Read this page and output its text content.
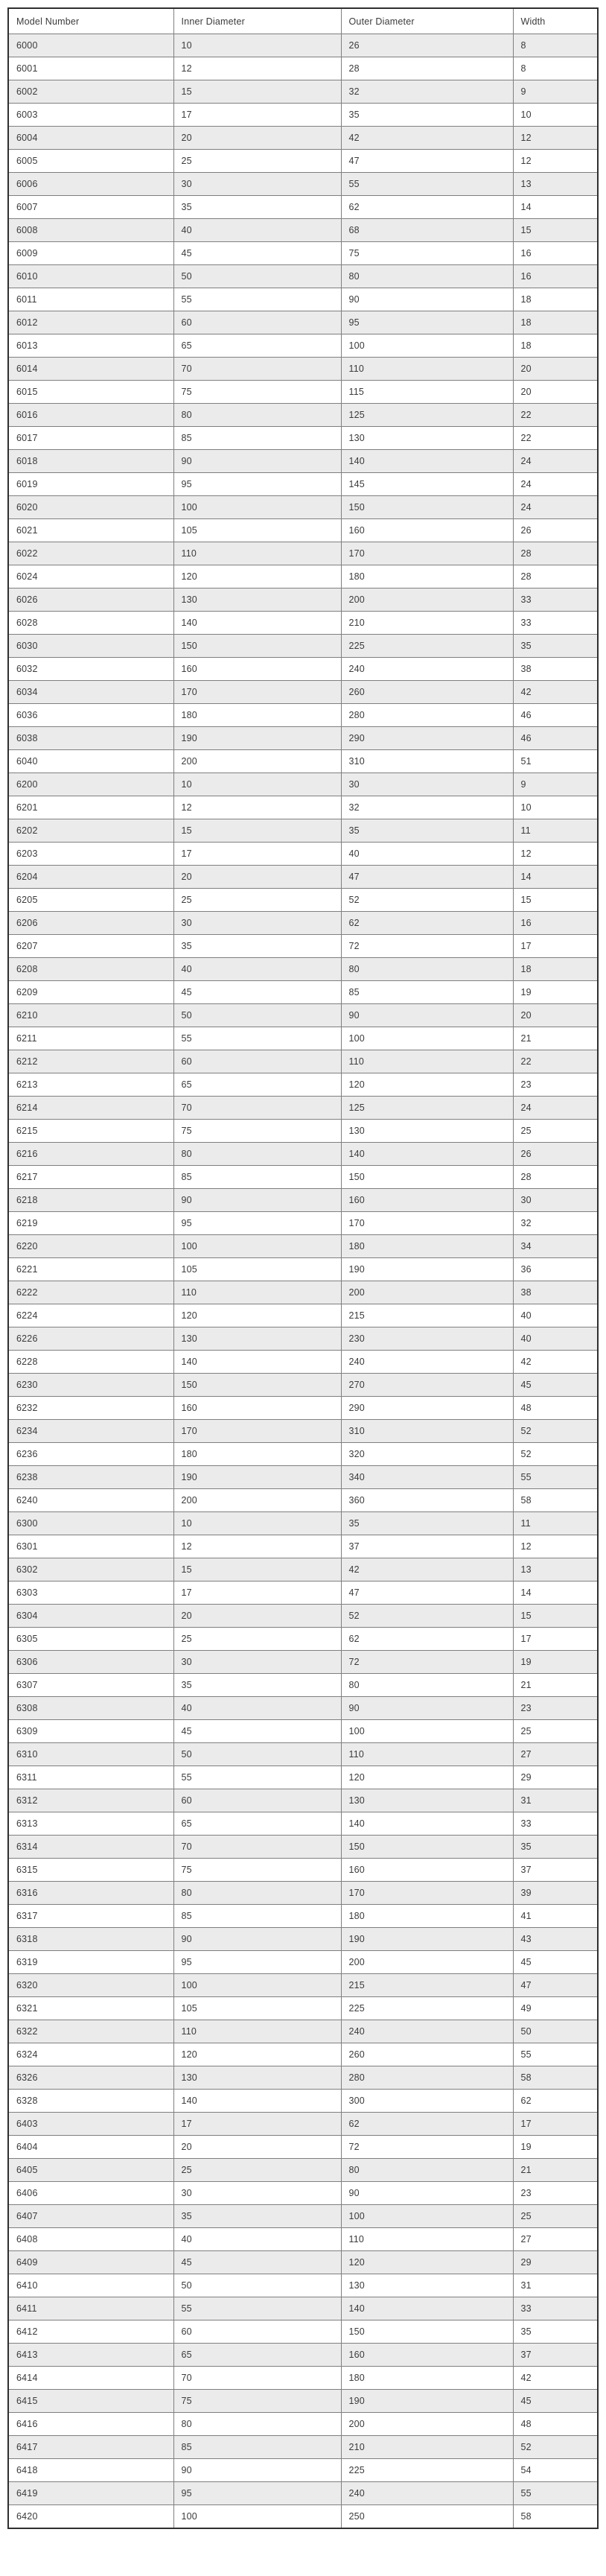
Model Number	Inner Diameter	Outer Diameter	Width
6000	10	26	8
6001	12	28	8
6002	15	32	9
6003	17	35	10
6004	20	42	12
6005	25	47	12
6006	30	55	13
6007	35	62	14
6008	40	68	15
6009	45	75	16
6010	50	80	16
6011	55	90	18
6012	60	95	18
6013	65	100	18
6014	70	110	20
6015	75	115	20
6016	80	125	22
6017	85	130	22
6018	90	140	24
6019	95	145	24
6020	100	150	24
6021	105	160	26
6022	110	170	28
6024	120	180	28
6026	130	200	33
6028	140	210	33
6030	150	225	35
6032	160	240	38
6034	170	260	42
6036	180	280	46
6038	190	290	46
6040	200	310	51
6200	10	30	9
6201	12	32	10
6202	15	35	11
6203	17	40	12
6204	20	47	14
6205	25	52	15
6206	30	62	16
6207	35	72	17
6208	40	80	18
6209	45	85	19
6210	50	90	20
6211	55	100	21
6212	60	110	22
6213	65	120	23
6214	70	125	24
6215	75	130	25
6216	80	140	26
6217	85	150	28
6218	90	160	30
6219	95	170	32
6220	100	180	34
6221	105	190	36
6222	110	200	38
6224	120	215	40
6226	130	230	40
6228	140	240	42
6230	150	270	45
6232	160	290	48
6234	170	310	52
6236	180	320	52
6238	190	340	55
6240	200	360	58
6300	10	35	11
6301	12	37	12
6302	15	42	13
6303	17	47	14
6304	20	52	15
6305	25	62	17
6306	30	72	19
6307	35	80	21
6308	40	90	23
6309	45	100	25
6310	50	110	27
6311	55	120	29
6312	60	130	31
6313	65	140	33
6314	70	150	35
6315	75	160	37
6316	80	170	39
6317	85	180	41
6318	90	190	43
6319	95	200	45
6320	100	215	47
6321	105	225	49
6322	110	240	50
6324	120	260	55
6326	130	280	58
6328	140	300	62
6403	17	62	17
6404	20	72	19
6405	25	80	21
6406	30	90	23
6407	35	100	25
6408	40	110	27
6409	45	120	29
6410	50	130	31
6411	55	140	33
6412	60	150	35
6413	65	160	37
6414	70	180	42
6415	75	190	45
6416	80	200	48
6417	85	210	52
6418	90	225	54
6419	95	240	55
6420	100	250	58
